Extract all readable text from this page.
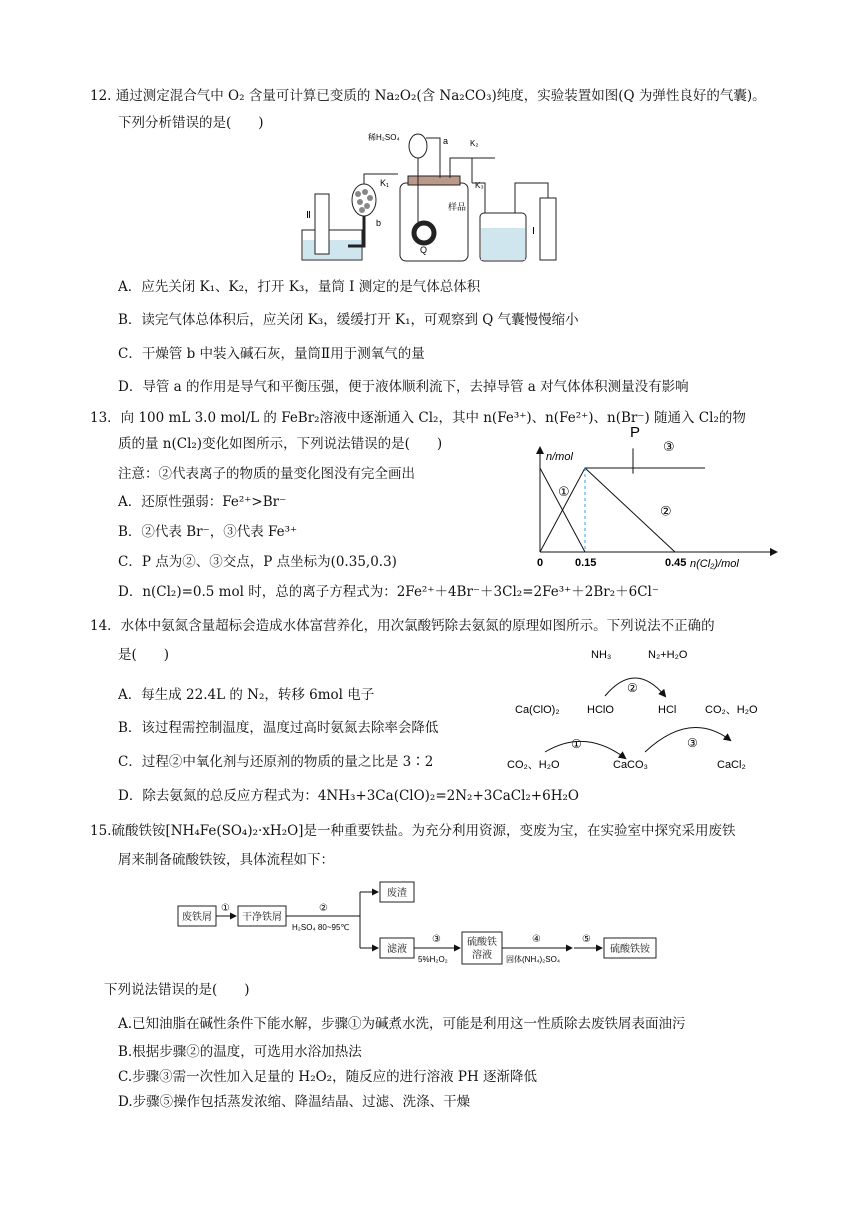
12. 通过测定混合气中 O₂ 含量可计算已变质的 Na₂O₂(含 Na₂CO₃)纯度，实验装置如图(Q 为弹性良好的气囊)。
下列分析错误的是(　　)
Ⅱ
b
K₁
Q
样品
稀H₂SO₄	a	K₂
K₃
Ⅰ
A．应先关闭 K₁、K₂，打开 K₃，量筒 I 测定的是气体总体积
B．读完气体总体积后，应关闭 K₃，缓缓打开 K₁，可观察到 Q 气囊慢慢缩小
C．干燥管 b 中装入碱石灰，量筒Ⅱ用于测氧气的量
D．导管 a 的作用是导气和平衡压强，便于液体顺利流下，去掉导管 a 对气体体积测量没有影响
13．向 100 mL 3.0 mol/L 的 FeBr₂溶液中逐渐通入 Cl₂，其中 n(Fe³⁺)、n(Fe²⁺)、n(Br⁻) 随通入 Cl₂的物
质的量 n(Cl₂)变化如图所示，下列说法错误的是(　　)
注意：②代表离子的物质的量变化图没有完全画出
A．还原性强弱：Fe²⁺>Br⁻
B．②代表 Br⁻，③代表 Fe³⁺
C．P 点为②、③交点，P 点坐标为(0.35,0.3)
D．n(Cl₂)=0.5 mol 时，总的离子方程式为：2Fe²⁺＋4Br⁻＋3Cl₂=2Fe³⁺＋2Br₂＋6Cl⁻
n/mol
n(Cl₂)/mol
①
③
②
0	0.15	0.45
P
14．水体中氨氮含量超标会造成水体富营养化，用次氯酸钙除去氨氮的原理如图所示。下列说法不正确的
是(　　)
A．每生成 22.4L 的 N₂，转移 6mol 电子
B．该过程需控制温度，温度过高时氨氮去除率会降低
C．过程②中氧化剂与还原剂的物质的量之比是 3∶2
D．除去氨氮的总反应方程式为：4NH₃+3Ca(ClO)₂=2N₂+3CaCl₂+6H₂O
NH₃	N₂+H₂O
Ca(ClO)₂ HClO	HCl	CO₂、H₂O
CO₂、H₂O	CaCO₃	CaCl₂
②
①	③
15.硫酸铁铵[NH₄Fe(SO₄)₂·xH₂O]是一种重要铁盐。为充分利用资源，变废为宝，在实验室中探究采用废铁
屑来制备硫酸铁铵，具体流程如下：
废铁屑
①
干净铁屑
②
H₂SO₄ 80~95℃
废渣
滤液
③
5%H₂O₂
硫酸铁
溶液
④
固体(NH₄)₂SO₄
⑤
硫酸铁铵
下列说法错误的是(　　)
A.已知油脂在碱性条件下能水解，步骤①为碱煮水洗，可能是利用这一性质除去废铁屑表面油污
B.根据步骤②的温度，可选用水浴加热法
C.步骤③需一次性加入足量的 H₂O₂，随反应的进行溶液 PH 逐渐降低
D.步骤⑤操作包括蒸发浓缩、降温结晶、过滤、洗涤、干燥
